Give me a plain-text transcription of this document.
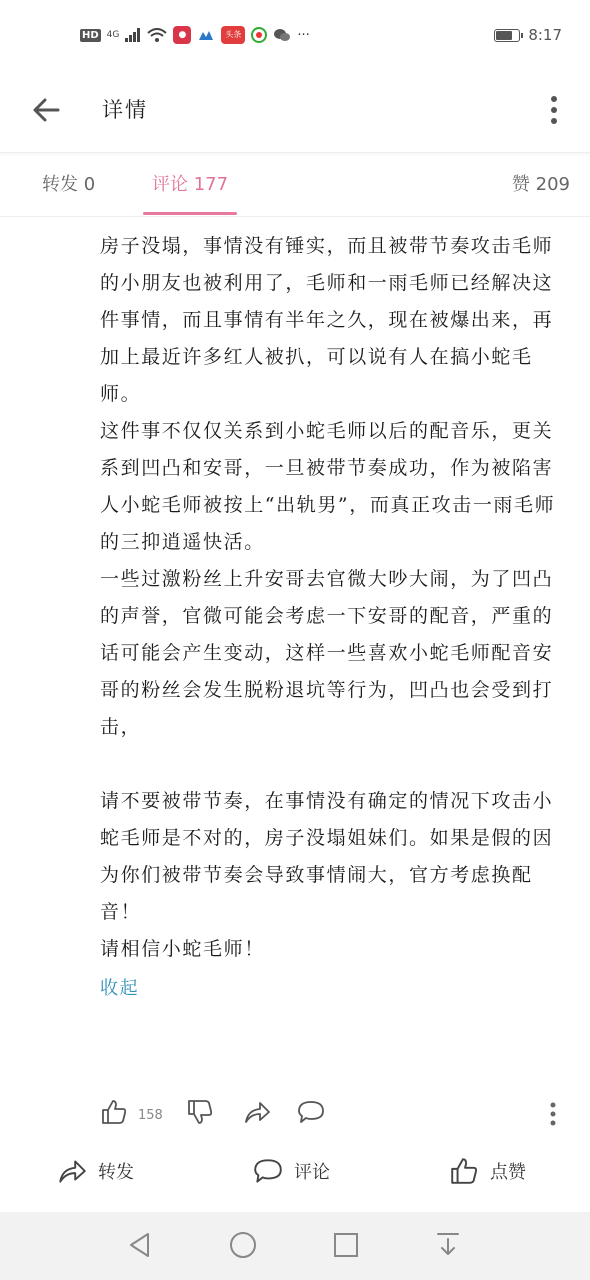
HD 4G	●	头条	···	8:17
详情
转发 0	评论 177	赞 209

房子没塌，事情没有锤实，而且被带节奏攻击毛师的小朋友也被利用了，毛师和一雨毛师已经解决这件事情，而且事情有半年之久，现在被爆出来，再加上最近许多红人被扒，可以说有人在搞小蛇毛师。

这件事不仅仅关系到小蛇毛师以后的配音乐，更关系到凹凸和安哥，一旦被带节奏成功，作为被陷害人小蛇毛师被按上“出轨男”，而真正攻击一雨毛师的三抑逍遥快活。

一些过激粉丝上升安哥去官微大吵大闹，为了凹凸的声誉，官微可能会考虑一下安哥的配音，严重的话可能会产生变动，这样一些喜欢小蛇毛师配音安哥的粉丝会发生脱粉退坑等行为，凹凸也会受到打击，

请不要被带节奏，在事情没有确定的情况下攻击小蛇毛师是不对的，房子没塌姐妹们。如果是假的因为你们被带节奏会导致事情闹大，官方考虑换配音！

请相信小蛇毛师！

收起
158
转发	评论	点赞
